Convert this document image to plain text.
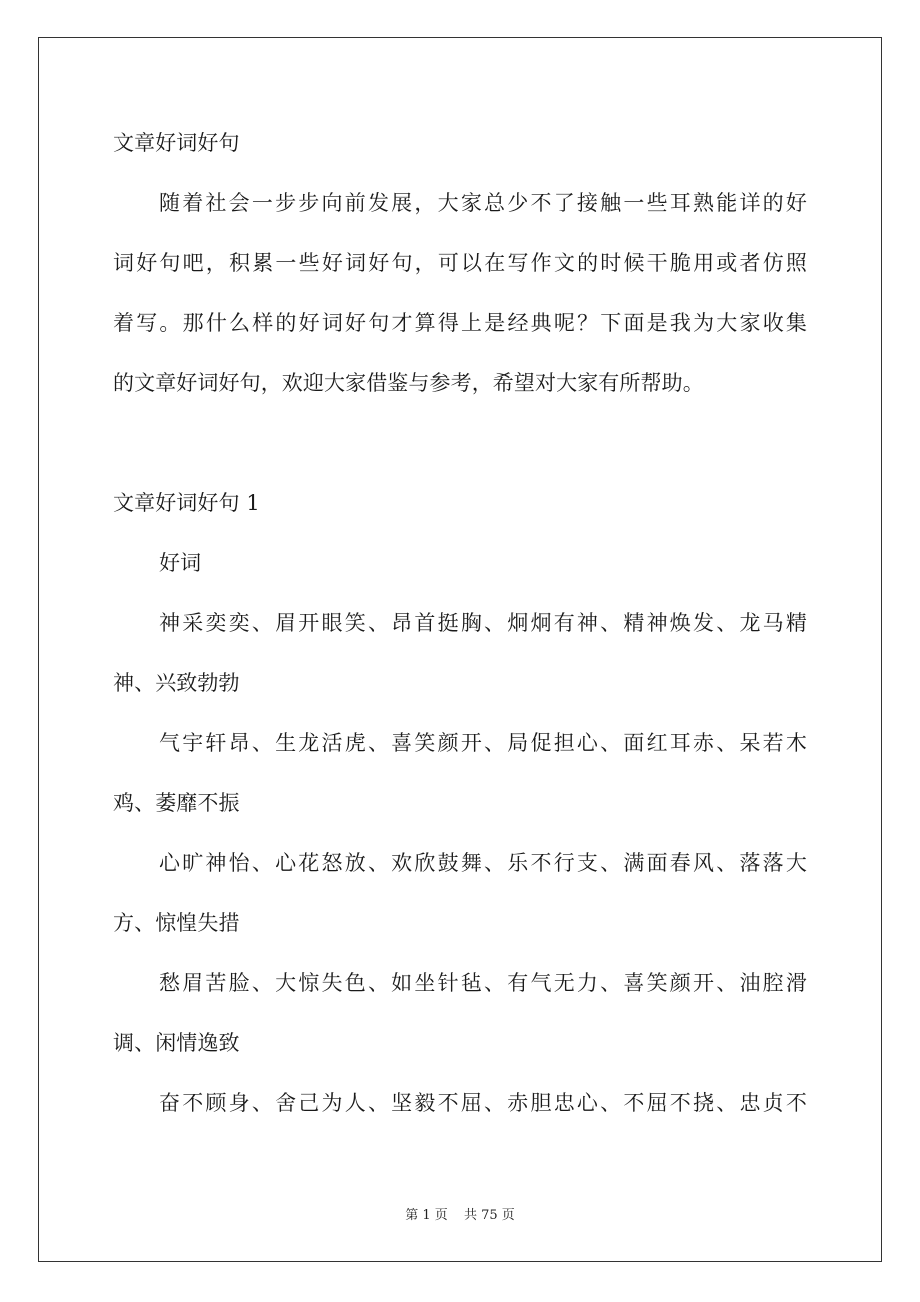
文章好词好句
随着社会一步步向前发展，大家总少不了接触一些耳熟能详的好
词好句吧，积累一些好词好句，可以在写作文的时候干脆用或者仿照
着写。那什么样的好词好句才算得上是经典呢？下面是我为大家收集
的文章好词好句，欢迎大家借鉴与参考，希望对大家有所帮助。
文章好词好句 1
好词
神采奕奕、眉开眼笑、昂首挺胸、炯炯有神、精神焕发、龙马精
神、兴致勃勃
气宇轩昂、生龙活虎、喜笑颜开、局促担心、面红耳赤、呆若木
鸡、萎靡不振
心旷神怡、心花怒放、欢欣鼓舞、乐不行支、满面春风、落落大
方、惊惶失措
愁眉苦脸、大惊失色、如坐针毡、有气无力、喜笑颜开、油腔滑
调、闲情逸致
奋不顾身、舍己为人、坚毅不屈、赤胆忠心、不屈不挠、忠贞不
第 1 页 共 75 页
